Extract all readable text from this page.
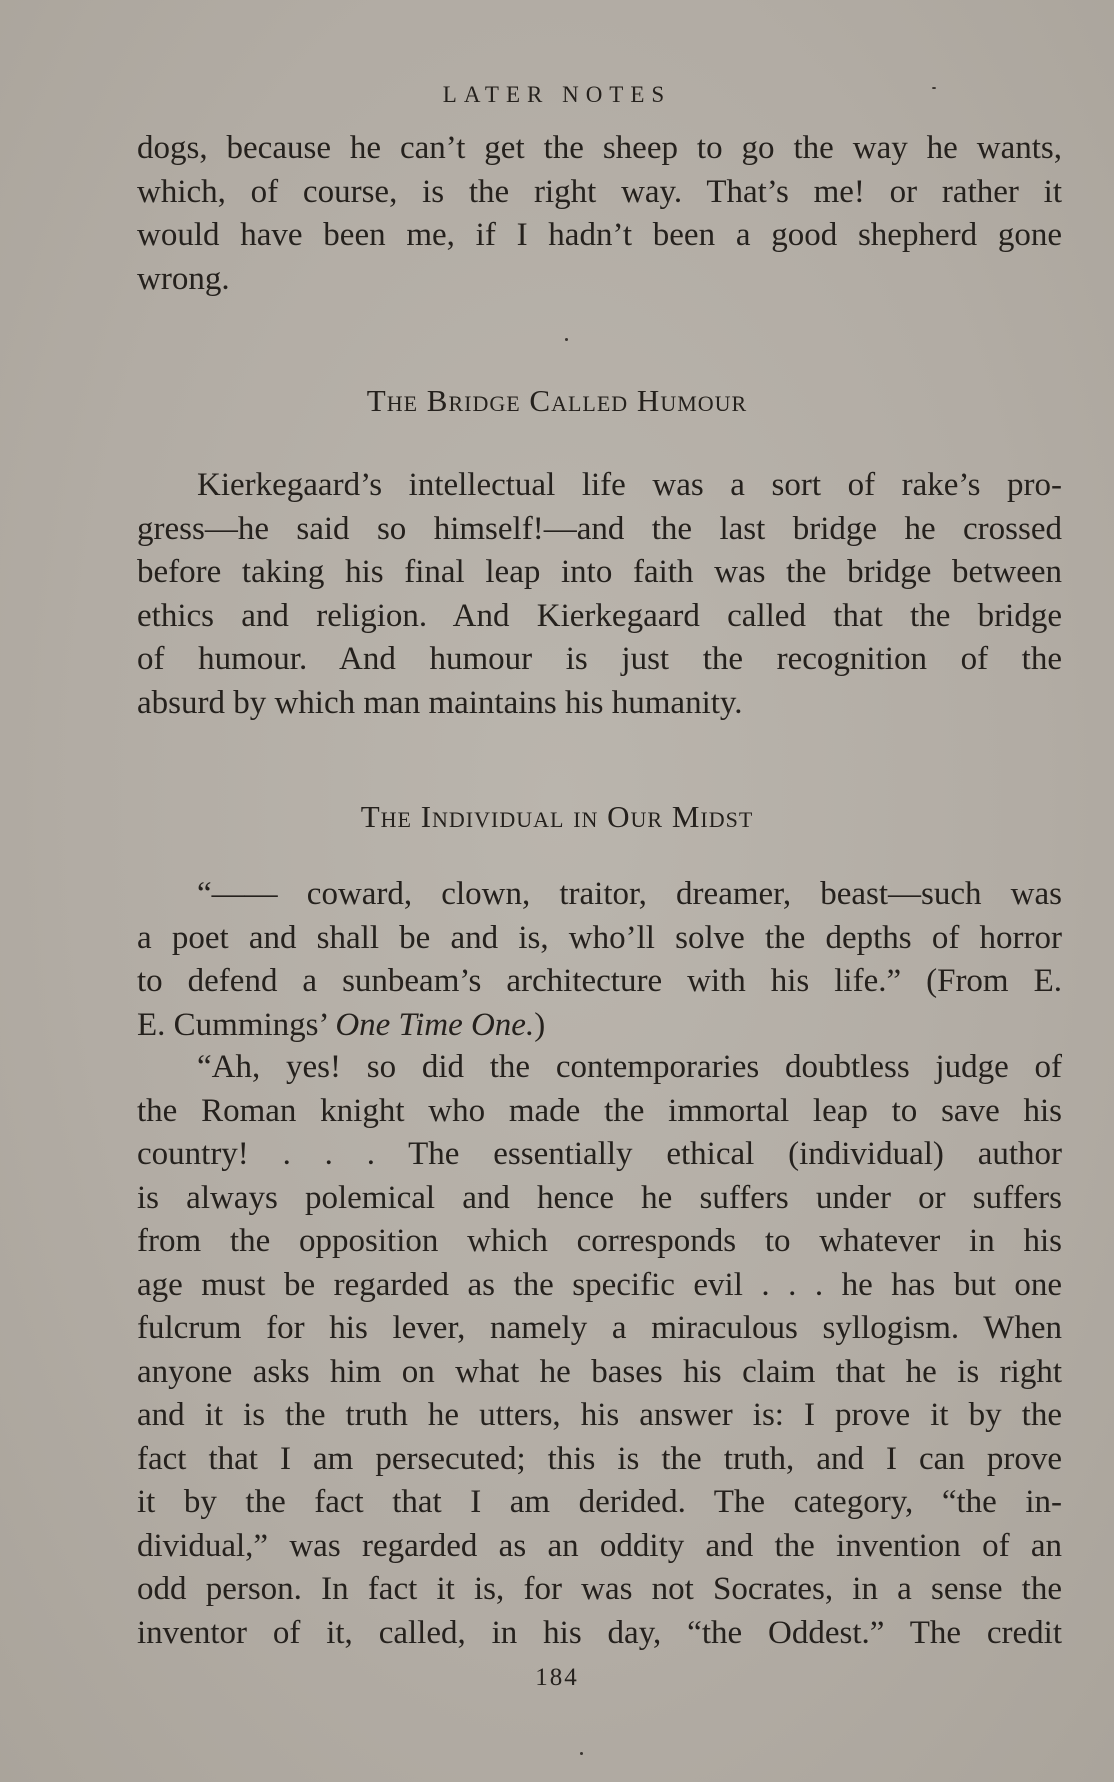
LATER NOTES
dogs, because he can’t get the sheep to go the way he wants,
which, of course, is the right way. That’s me! or rather it
would have been me, if I hadn’t been a good shepherd gone
wrong.
The Bridge Called Humour
Kierkegaard’s intellectual life was a sort of rake’s pro-
gress—he said so himself!—and the last bridge he crossed
before taking his final leap into faith was the bridge between
ethics and religion. And Kierkegaard called that the bridge
of humour. And humour is just the recognition of the
absurd by which man maintains his humanity.
The Individual in Our Midst
“—— coward, clown, traitor, dreamer, beast—such was
a poet and shall be and is, who’ll solve the depths of horror
to defend a sunbeam’s architecture with his life.” (From E.
E. Cummings’ One Time One.)
“Ah, yes! so did the contemporaries doubtless judge of
the Roman knight who made the immortal leap to save his
country! . . . The essentially ethical (individual) author
is always polemical and hence he suffers under or suffers
from the opposition which corresponds to whatever in his
age must be regarded as the specific evil . . . he has but one
fulcrum for his lever, namely a miraculous syllogism. When
anyone asks him on what he bases his claim that he is right
and it is the truth he utters, his answer is: I prove it by the
fact that I am persecuted; this is the truth, and I can prove
it by the fact that I am derided. The category, “the in-
dividual,” was regarded as an oddity and the invention of an
odd person. In fact it is, for was not Socrates, in a sense the
inventor of it, called, in his day, “the Oddest.” The credit
184
